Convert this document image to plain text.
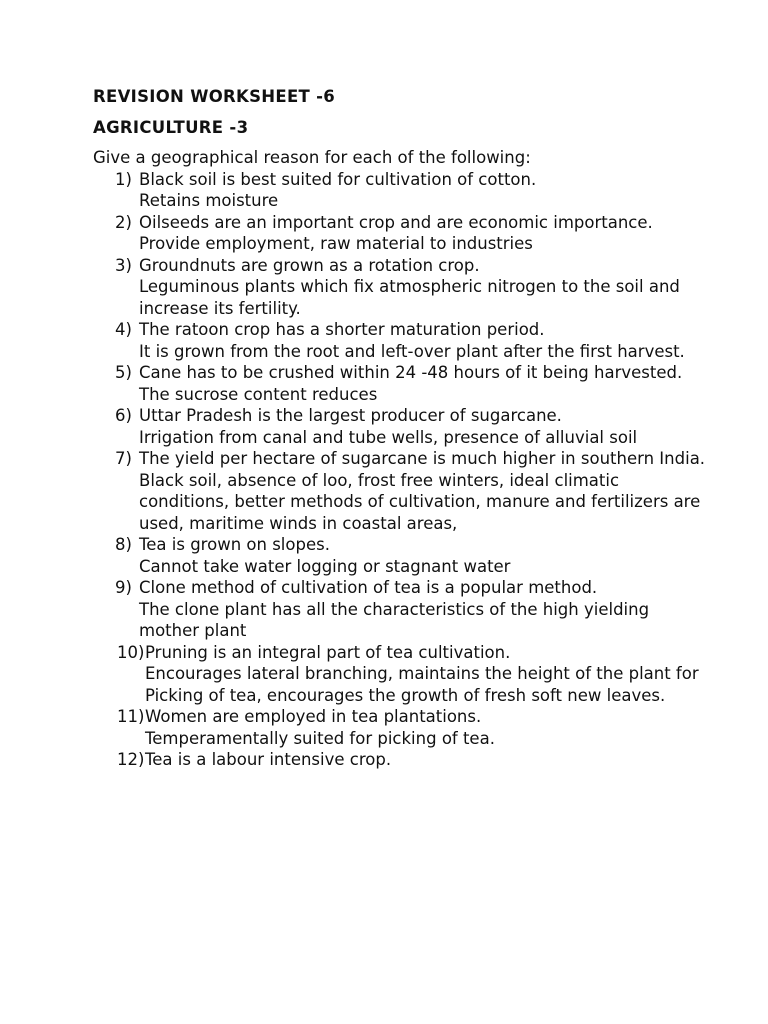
REVISION WORKSHEET -6

AGRICULTURE -3

Give a geographical reason for each of the following:

1) Black soil is best suited for cultivation of cotton.
Retains moisture
2) Oilseeds are an important crop and are economic importance.
Provide employment, raw material to industries
3) Groundnuts are grown as a rotation crop.
Leguminous plants which fix atmospheric nitrogen to the soil and increase its fertility.
4) The ratoon crop has a shorter maturation period.
It is grown from the root and left-over plant after the first harvest.
5) Cane has to be crushed within 24 -48 hours of it being harvested.
The sucrose content reduces
6) Uttar Pradesh is the largest producer of sugarcane.
Irrigation from canal and tube wells, presence of alluvial soil
7) The yield per hectare of sugarcane is much higher in southern India.
Black soil, absence of loo, frost free winters, ideal climatic conditions, better methods of cultivation, manure and fertilizers are used, maritime winds in coastal areas,
8) Tea is grown on slopes.
Cannot take water logging or stagnant water
9) Clone method of cultivation of tea is a popular method.
The clone plant has all the characteristics of the high yielding mother plant
10) Pruning is an integral part of tea cultivation.
Encourages lateral branching, maintains the height of the plant for
Picking of tea, encourages the growth of fresh soft new leaves.
11) Women are employed in tea plantations.
Temperamentally suited for picking of tea.
12) Tea is a labour intensive crop.
